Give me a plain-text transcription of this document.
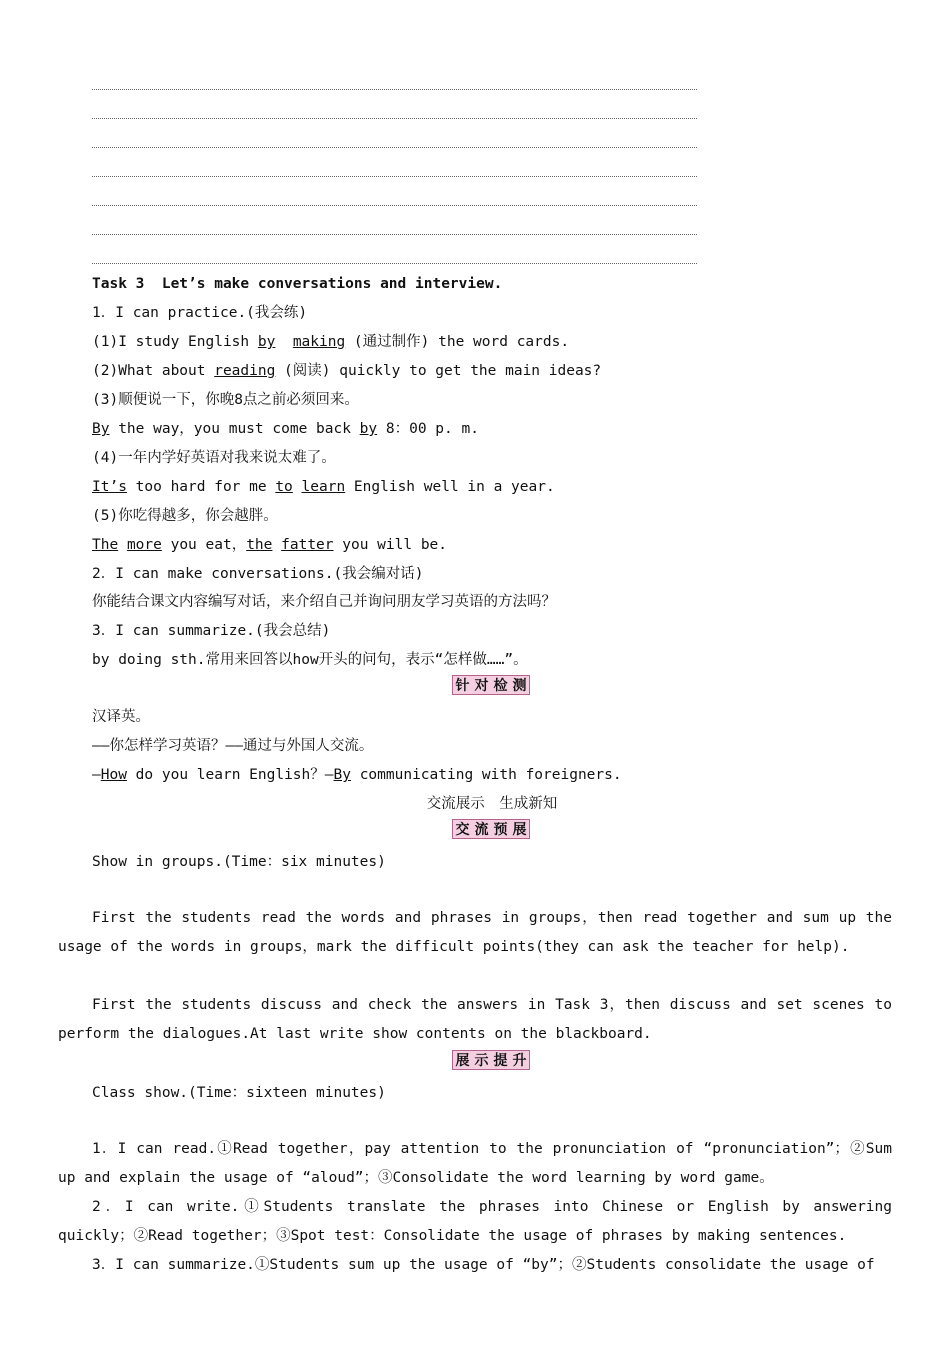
Task 3  Let’s make conversations and interview.
1．I can practice.(我会练)
(1)I study English by making (通过制作) the word cards.
(2)What about reading (阅读) quickly to get the main ideas?
(3)顺便说一下，你晚8点之前必须回来。
By the way，you must come back by 8：00 p. m.
(4)一年内学好英语对我来说太难了。
It’s too hard for me to learn English well in a year.
(5)你吃得越多，你会越胖。
The more you eat，the fatter you will be.
2．I can make conversations.(我会编对话)
你能结合课文内容编写对话，来介绍自己并询问朋友学习英语的方法吗？
3．I can summarize.(我会总结)
by doing sth.常用来回答以how开头的问句，表示“怎样做……”。
针 对 检 测
汉译英。
——你怎样学习英语？——通过与外国人交流。
—How do you learn English？—By communicating with foreigners.
交流展示　生成新知
交 流 预 展
Show in groups.(Time：six minutes)
First the students read the words and phrases in groups，then read together and sum up the usage of the words in groups，mark the difficult points(they can ask the teacher for help).
First the students discuss and check the answers in Task 3，then discuss and set scenes to perform the dialogues.At last write show contents on the blackboard.
展 示 提 升
Class show.(Time：sixteen minutes)
1．I can read.①Read together，pay attention to the pronunciation of “pronunciation”；②Sum up and explain the usage of “aloud”；③Consolidate the word learning by word game。
2．I can write.①Students translate the phrases into Chinese or English by answering quickly；②Read together；③Spot test：Consolidate the usage of phrases by making sentences.
3．I can summarize.①Students sum up the usage of “by”；②Students consolidate the usage of
